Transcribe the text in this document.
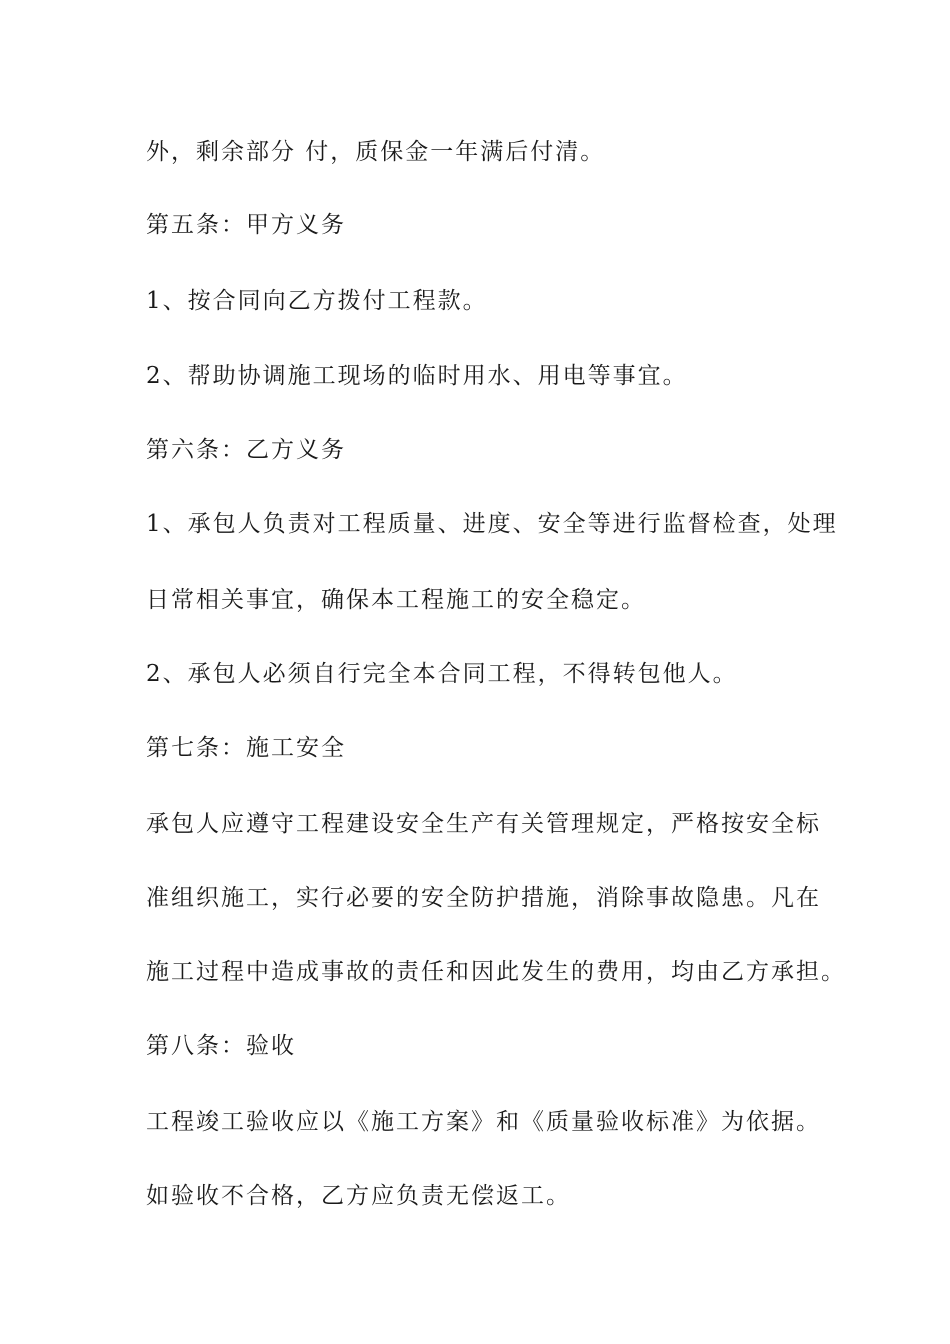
外，剩余部分 付，质保金一年满后付清。
第五条：甲方义务
1、按合同向乙方拨付工程款。
2、帮助协调施工现场的临时用水、用电等事宜。
第六条：乙方义务
1、承包人负责对工程质量、进度、安全等进行监督检查，处理
日常相关事宜，确保本工程施工的安全稳定。
2、承包人必须自行完全本合同工程，不得转包他人。
第七条：施工安全
承包人应遵守工程建设安全生产有关管理规定，严格按安全标
准组织施工，实行必要的安全防护措施，消除事故隐患。凡在
施工过程中造成事故的责任和因此发生的费用，均由乙方承担。
第八条：验收
工程竣工验收应以《施工方案》和《质量验收标准》为依据。
如验收不合格，乙方应负责无偿返工。
